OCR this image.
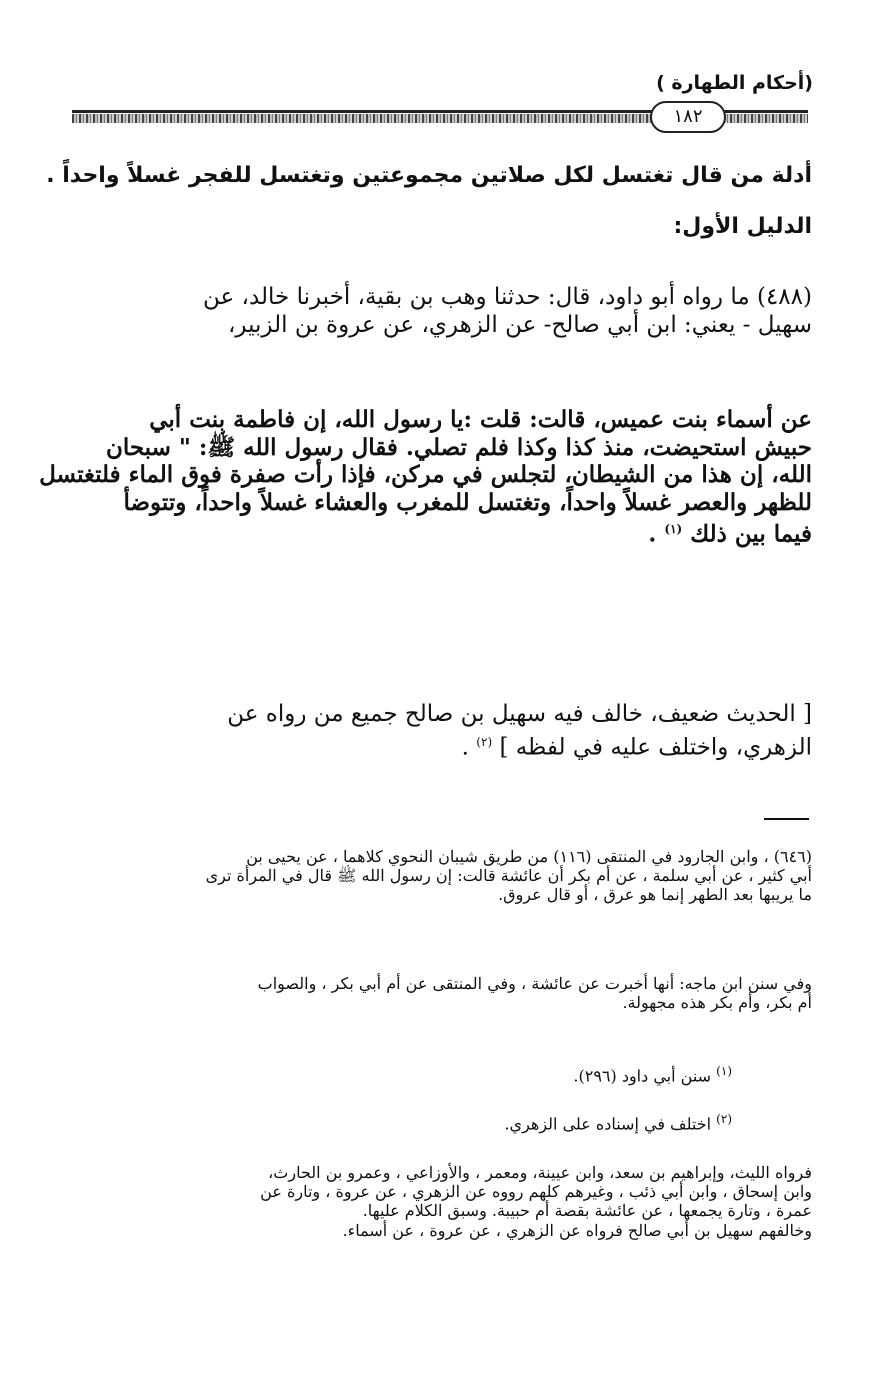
(أحكام الطهارة )
١٨٢
أدلة من قال تغتسل لكل صلاتين مجموعتين وتغتسل للفجر غسلاً واحداً .
الدليل الأول:
(٤٨٨) ما رواه أبو داود، قال: حدثنا وهب بن بقية، أخبرنا خالد، عن
سهيل - يعني: ابن أبي صالح- عن الزهري، عن عروة بن الزبير،
عن أسماء بنت عميس، قالت: قلت :يا رسول الله، إن فاطمة بنت أبي
حبيش استحيضت، منذ كذا وكذا فلم تصلي. فقال رسول الله ﷺ: " سبحان
الله، إن هذا من الشيطان، لتجلس في مركن، فإذا رأت صفرة فوق الماء فلتغتسل
للظهر والعصر غسلاً واحداً، وتغتسل للمغرب والعشاء غسلاً واحداً، وتتوضأ
فيما بين ذلك $^{(١)}$ .
[ الحديث ضعيف، خالف فيه سهيل بن صالح جميع من رواه عن
الزهري، واختلف عليه في لفظه ] $^{(٢)}$ .
(٦٤٦) ، وابن الجارود في المنتقى (١١٦) من طريق شيبان النحوي كلاهما ، عن يحيى بن
أبي كثير ، عن أبي سلمة ، عن أم بكر أن عائشة قالت: إن رسول الله ﷺ قال في المرأة ترى
ما يريبها بعد الطهر إنما هو عرق ، أو قال عروق.
وفي سنن ابن ماجه: أنها أخبرت عن عائشة ، وفي المنتقى عن أم أبي بكر ، والصواب
أم بكر، وأم بكر هذه مجهولة.
$^{(١)}$ سنن أبي داود (٢٩٦).
$^{(٢)}$ اختلف في إسناده على الزهري.
فرواه الليث، وإبراهيم بن سعد، وابن عيينة، ومعمر ، والأوزاعي ، وعمرو بن الحارث،
وابن إسحاق ، وابن أبي ذئب ، وغيرهم كلهم رووه عن الزهري ، عن عروة ، وتارة عن
عمرة ، وتارة يجمعها ، عن عائشة بقصة أم حبيبة. وسبق الكلام عليها.
وخالفهم سهيل بن أبي صالح فرواه عن الزهري ، عن عروة ، عن أسماء.
